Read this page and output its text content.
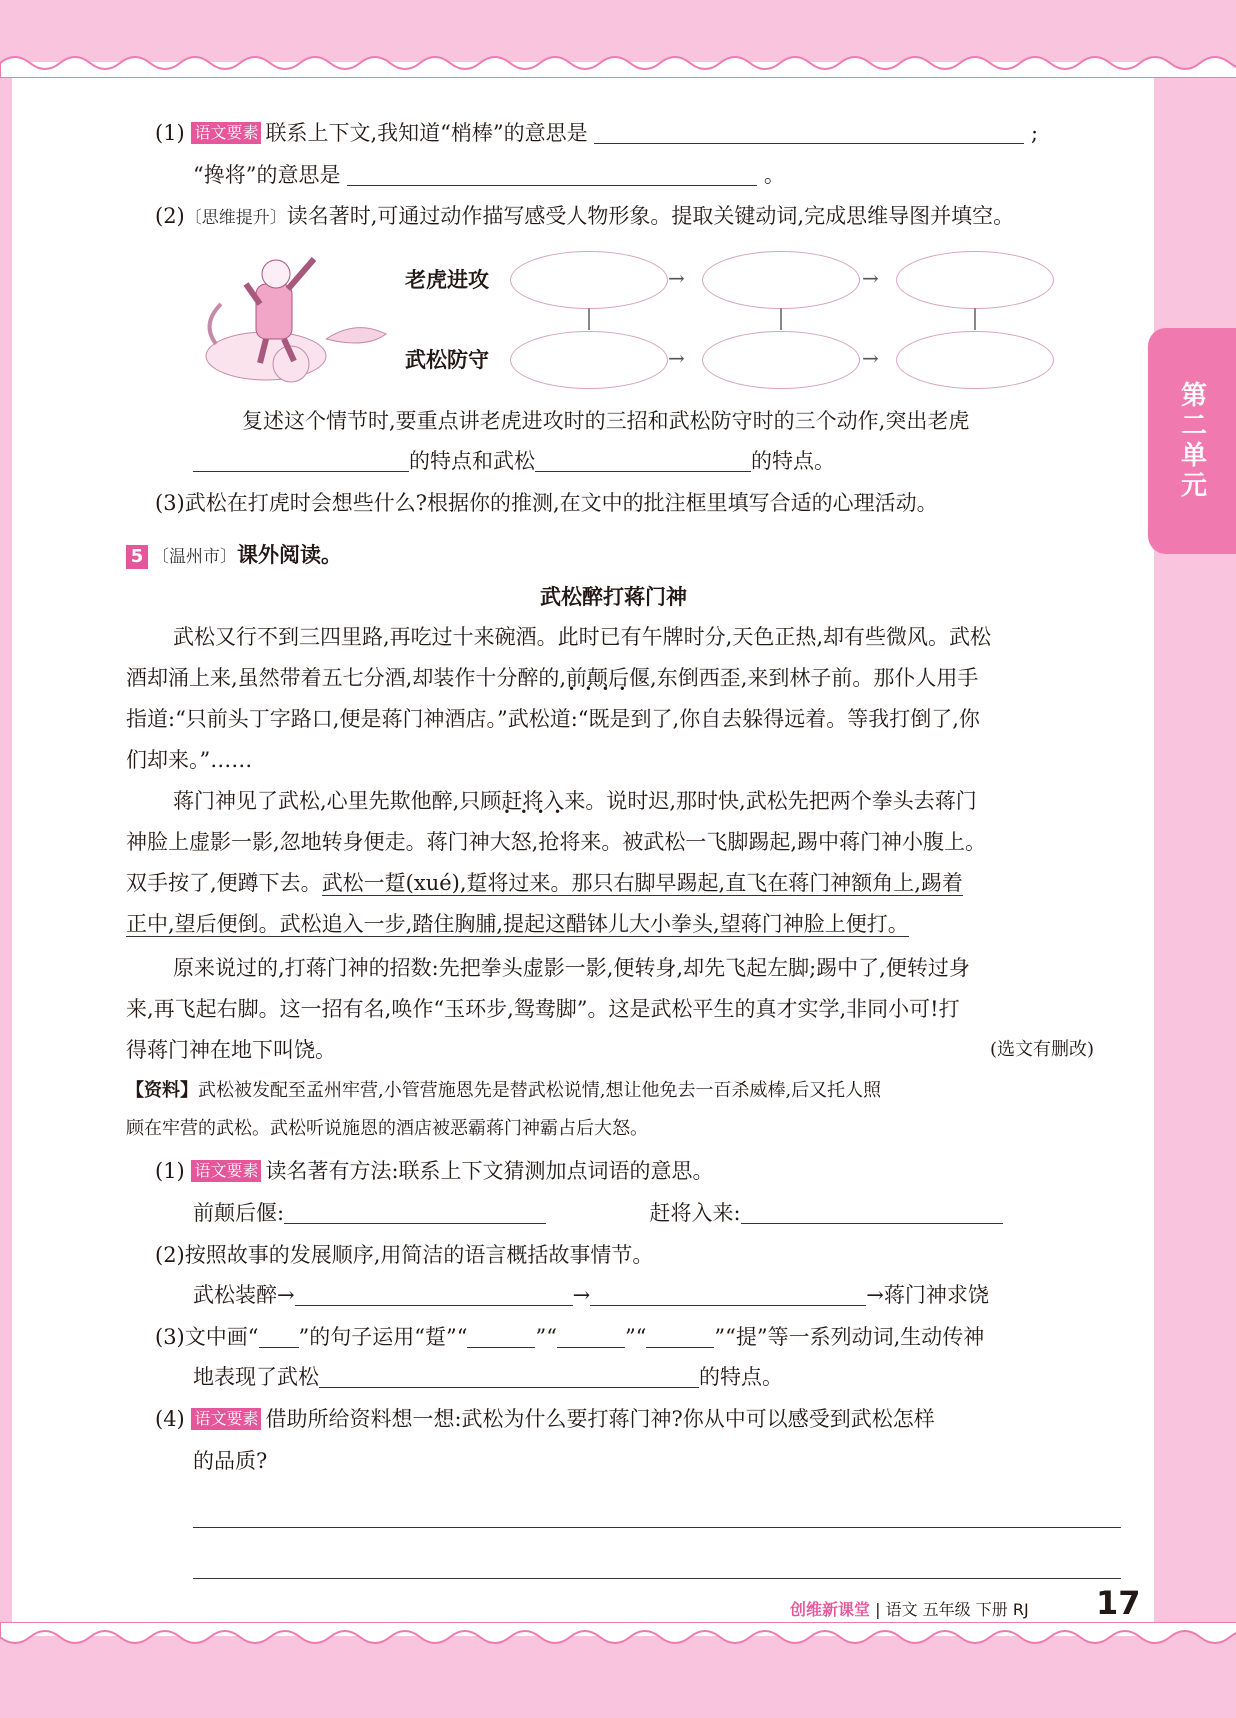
第二单元
(1) 语文要素 联系上下文,我知道“梢棒”的意思是	;
“搀将”的意思是	。
(2)〔思维提升〕读名著时,可通过动作描写感受人物形象。提取关键动词,完成思维导图并填空。
老虎进攻
武松防守
→	→
→	→
复述这个情节时,要重点讲老虎进攻时的三招和武松防守时的三个动作,突出老虎
的特点和武松	的特点。
(3)武松在打虎时会想些什么?根据你的推测,在文中的批注框里填写合适的心理活动。
5 〔温州市〕课外阅读。
武松醉打蒋门神
武松又行不到三四里路,再吃过十来碗酒。此时已有午牌时分,天色正热,却有些微风。武松
酒却涌上来,虽然带着五七分酒,却装作十分醉的,前颠后偃 • • • •,东倒西歪,来到林子前。那仆人用手
指道:“只前头丁字路口,便是蒋门神酒店。”武松道:“既是到了,你自去躲得远着。等我打倒了,你
们却来。”……
蒋门神见了武松,心里先欺他醉,只顾赶将入来 • • • •。说时迟,那时快,武松先把两个拳头去蒋门
神脸上虚影一影,忽地转身便走。蒋门神大怒,抢将来。被武松一飞脚踢起,踢中蒋门神小腹上。
双手按了,便蹲下去。武松一踅(xué),踅将过来。那只右脚早踢起,直飞在蒋门神额角上,踢着
正中,望后便倒。武松追入一步,踏住胸脯,提起这醋钵儿大小拳头,望蒋门神脸上便打。
原来说过的,打蒋门神的招数:先把拳头虚影一影,便转身,却先飞起左脚;踢中了,便转过身
来,再飞起右脚。这一招有名,唤作“玉环步,鸳鸯脚”。这是武松平生的真才实学,非同小可!打
得蒋门神在地下叫饶。	(选文有删改)
【资料】武松被发配至孟州牢营,小管营施恩先是替武松说情,想让他免去一百杀威棒,后又托人照
顾在牢营的武松。武松听说施恩的酒店被恶霸蒋门神霸占后大怒。
(1) 语文要素 读名著有方法:联系上下文猜测加点词语的意思。
前颠后偃:	赶将入来:
(2)按照故事的发展顺序,用简洁的语言概括故事情节。
武松装醉→	→	→蒋门神求饶
(3)文中画“ ”的句子运用“踅”“	”“	”“	”“提”等一系列动词,生动传神
地表现了武松	的特点。
(4) 语文要素 借助所给资料想一想:武松为什么要打蒋门神?你从中可以感受到武松怎样
的品质?
创维新课堂 | 语文 五年级 下册 RJ 17
